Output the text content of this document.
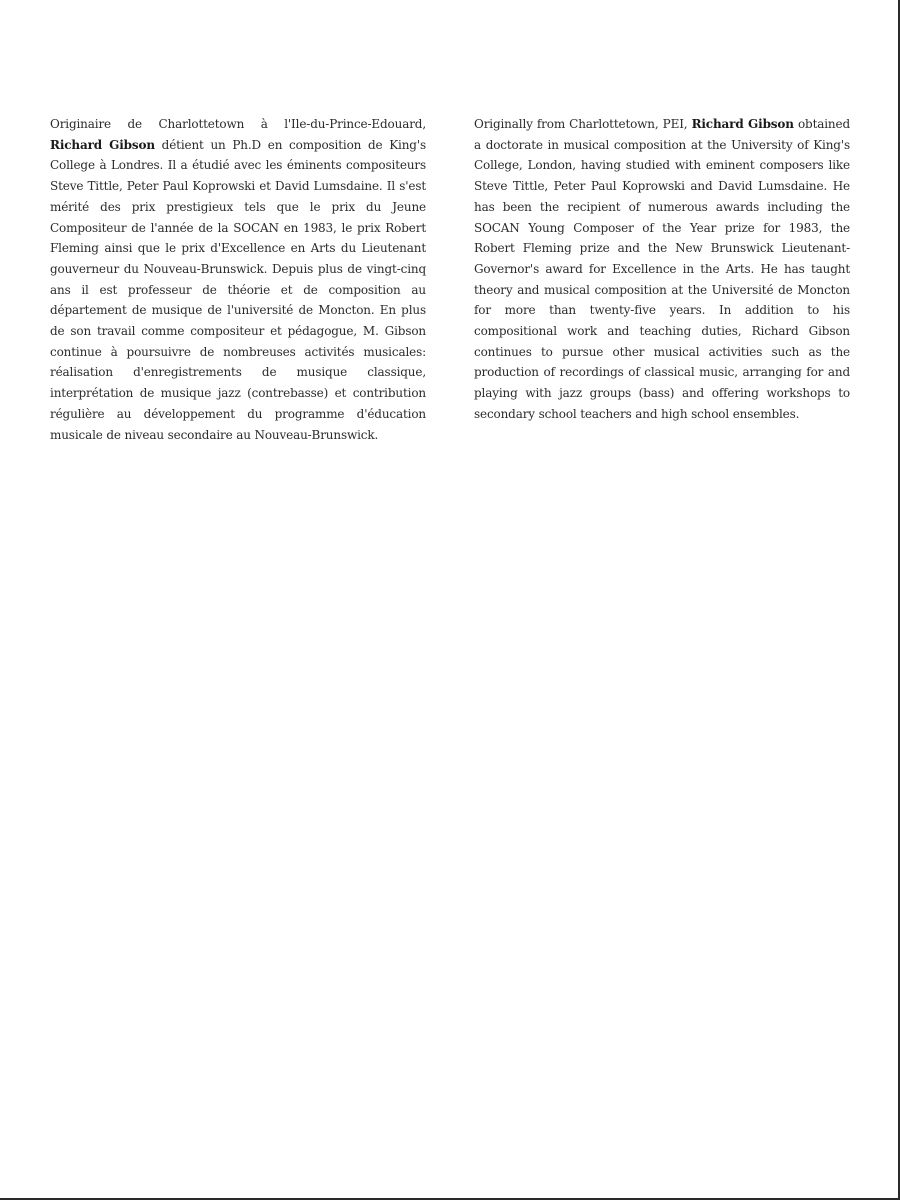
Originaire de Charlottetown à l'Ile-du-Prince-Edouard, Richard Gibson détient un Ph.D en composition de King's College à Londres. Il a étudié avec les éminents compositeurs Steve Tittle, Peter Paul Koprowski et David Lumsdaine. Il s'est mérité des prix prestigieux tels que le prix du Jeune Compositeur de l'année de la SOCAN en 1983, le prix Robert Fleming ainsi que le prix d'Excellence en Arts du Lieutenant gouverneur du Nouveau-Brunswick. Depuis plus de vingt-cinq ans il est professeur de théorie et de composition au département de musique de l'université de Moncton. En plus de son travail comme compositeur et pédagogue, M. Gibson continue à poursuivre de nombreuses activités musicales: réalisation d'enregistrements de musique classique, interprétation de musique jazz (contrebasse) et contribution régulière au développement du programme d'éducation musicale de niveau secondaire au Nouveau-Brunswick.
Originally from Charlottetown, PEI, Richard Gibson obtained a doctorate in musical composition at the University of King's College, London, having studied with eminent composers like Steve Tittle, Peter Paul Koprowski and David Lumsdaine. He has been the recipient of numerous awards including the SOCAN Young Composer of the Year prize for 1983, the Robert Fleming prize and the New Brunswick Lieutenant-Governor's award for Excellence in the Arts. He has taught theory and musical composition at the Université de Moncton for more than twenty-five years. In addition to his compositional work and teaching duties, Richard Gibson continues to pursue other musical activities such as the production of recordings of classical music, arranging for and playing with jazz groups (bass) and offering workshops to secondary school teachers and high school ensembles.
